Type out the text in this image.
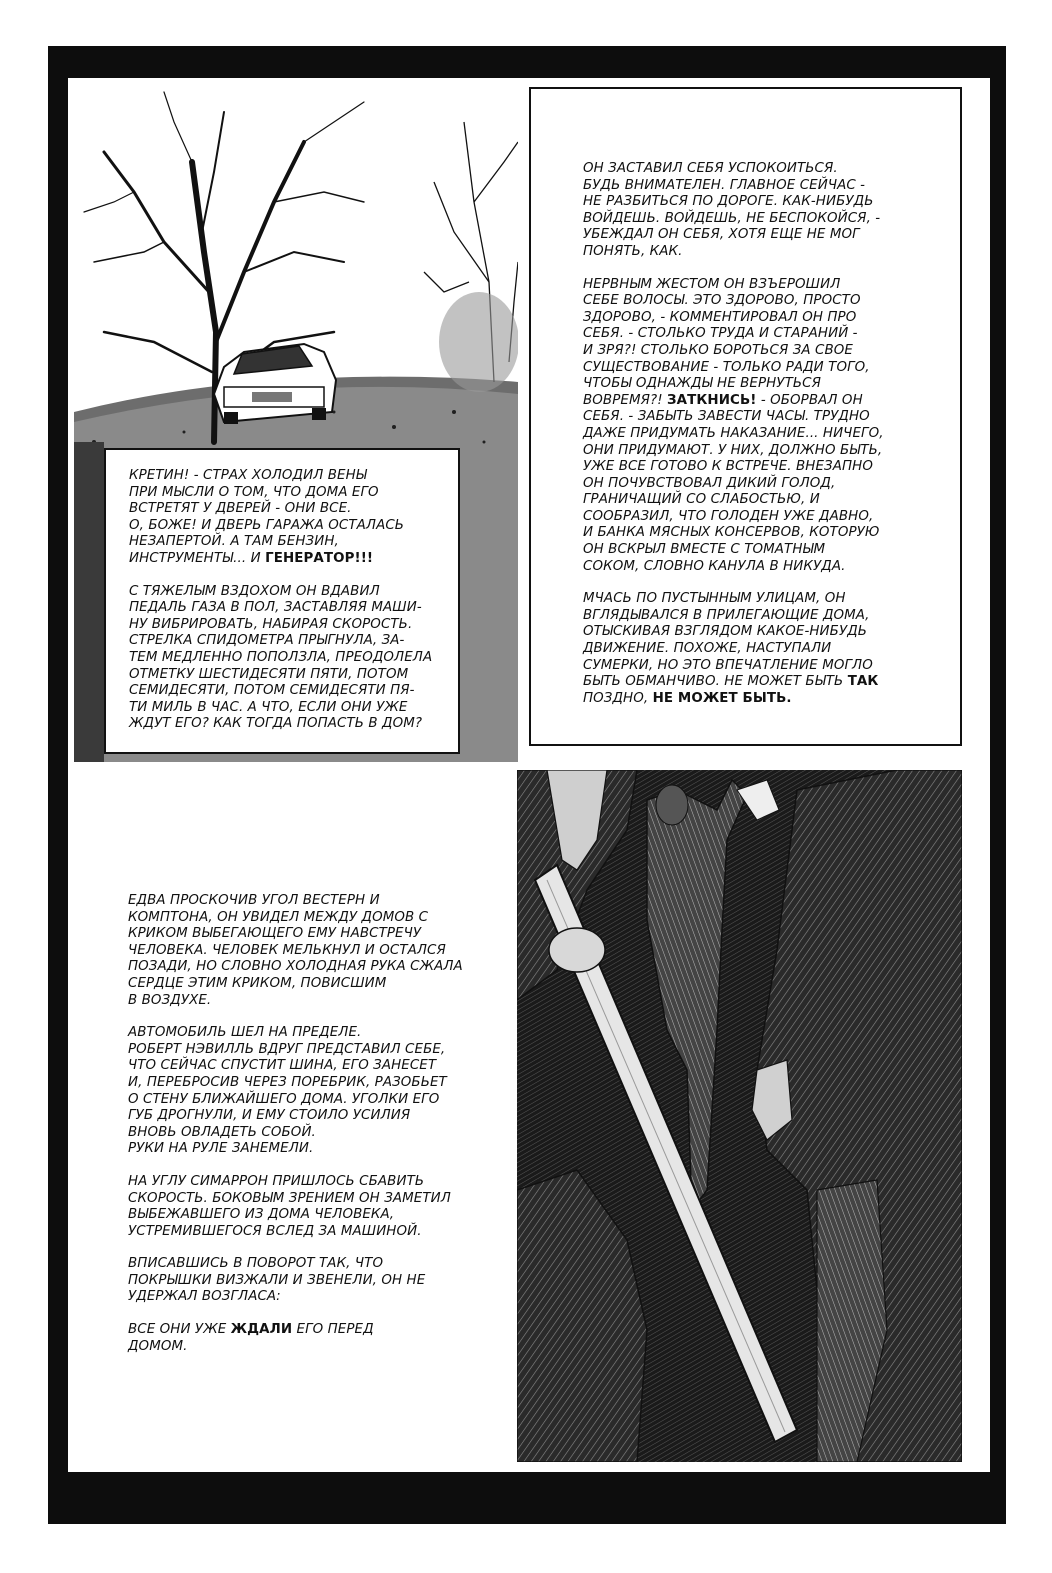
КРЕТИН! - СТРАХ ХОЛОДИЛ ВЕНЫ
ПРИ МЫСЛИ О ТОМ, ЧТО ДОМА ЕГО
ВСТРЕТЯТ У ДВЕРЕЙ - ОНИ ВСЕ.
О, БОЖЕ! И ДВЕРЬ ГАРАЖА ОСТАЛАСЬ
НЕЗАПЕРТОЙ. А ТАМ БЕНЗИН,
ИНСТРУМЕНТЫ... И ГЕНЕРАТОР!!!

С ТЯЖЕЛЫМ ВЗДОХОМ ОН ВДАВИЛ
ПЕДАЛЬ ГАЗА В ПОЛ, ЗАСТАВЛЯЯ МАШИ-
НУ ВИБРИРОВАТЬ, НАБИРАЯ СКОРОСТЬ.
СТРЕЛКА СПИДОМЕТРА ПРЫГНУЛА, ЗА-
ТЕМ МЕДЛЕННО ПОПОЛЗЛА, ПРЕОДОЛЕЛА
ОТМЕТКУ ШЕСТИДЕСЯТИ ПЯТИ, ПОТОМ
СЕМИДЕСЯТИ, ПОТОМ СЕМИДЕСЯТИ ПЯ-
ТИ МИЛЬ В ЧАС. А ЧТО, ЕСЛИ ОНИ УЖЕ
ЖДУТ ЕГО? КАК ТОГДА ПОПАСТЬ В ДОМ?

ОН ЗАСТАВИЛ СЕБЯ УСПОКОИТЬСЯ.
БУДЬ ВНИМАТЕЛЕН. ГЛАВНОЕ СЕЙЧАС -
НЕ РАЗБИТЬСЯ ПО ДОРОГЕ. КАК-НИБУДЬ
ВОЙДЕШЬ. ВОЙДЕШЬ, НЕ БЕСПОКОЙСЯ, -
УБЕЖДАЛ ОН СЕБЯ, ХОТЯ ЕЩЕ НЕ МОГ
ПОНЯТЬ, КАК.

НЕРВНЫМ ЖЕСТОМ ОН ВЗЪЕРОШИЛ
СЕБЕ ВОЛОСЫ. ЭТО ЗДОРОВО, ПРОСТО
ЗДОРОВО, - КОММЕНТИРОВАЛ ОН ПРО
СЕБЯ. - СТОЛЬКО ТРУДА И СТАРАНИЙ -
И ЗРЯ?! СТОЛЬКО БОРОТЬСЯ ЗА СВОЕ
СУЩЕСТВОВАНИЕ - ТОЛЬКО РАДИ ТОГО,
ЧТОБЫ ОДНАЖДЫ НЕ ВЕРНУТЬСЯ
ВОВРЕМЯ?! ЗАТКНИСЬ! - ОБОРВАЛ ОН
СЕБЯ. - ЗАБЫТЬ ЗАВЕСТИ ЧАСЫ. ТРУДНО
ДАЖЕ ПРИДУМАТЬ НАКАЗАНИЕ... НИЧЕГО,
ОНИ ПРИДУМАЮТ. У НИХ, ДОЛЖНО БЫТЬ,
УЖЕ ВСЕ ГОТОВО К ВСТРЕЧЕ. ВНЕЗАПНО
ОН ПОЧУВСТВОВАЛ ДИКИЙ ГОЛОД,
ГРАНИЧАЩИЙ СО СЛАБОСТЬЮ, И
СООБРАЗИЛ, ЧТО ГОЛОДЕН УЖЕ ДАВНО,
И БАНКА МЯСНЫХ КОНСЕРВОВ, КОТОРУЮ
ОН ВСКРЫЛ ВМЕСТЕ С ТОМАТНЫМ
СОКОМ, СЛОВНО КАНУЛА В НИКУДА.

МЧАСЬ ПО ПУСТЫННЫМ УЛИЦАМ, ОН
ВГЛЯДЫВАЛСЯ В ПРИЛЕГАЮЩИЕ ДОМА,
ОТЫСКИВАЯ ВЗГЛЯДОМ КАКОЕ-НИБУДЬ
ДВИЖЕНИЕ. ПОХОЖЕ, НАСТУПАЛИ
СУМЕРКИ, НО ЭТО ВПЕЧАТЛЕНИЕ МОГЛО
БЫТЬ ОБМАНЧИВО. НЕ МОЖЕТ БЫТЬ ТАК
ПОЗДНО, НЕ МОЖЕТ БЫТЬ.

ЕДВА ПРОСКОЧИВ УГОЛ ВЕСТЕРН И
КОМПТОНА, ОН УВИДЕЛ МЕЖДУ ДОМОВ С
КРИКОМ ВЫБЕГАЮЩЕГО ЕМУ НАВСТРЕЧУ
ЧЕЛОВЕКА. ЧЕЛОВЕК МЕЛЬКНУЛ И ОСТАЛСЯ
ПОЗАДИ, НО СЛОВНО ХОЛОДНАЯ РУКА СЖАЛА
СЕРДЦЕ ЭТИМ КРИКОМ, ПОВИСШИМ
В ВОЗДУХЕ.

АВТОМОБИЛЬ ШЕЛ НА ПРЕДЕЛЕ.
РОБЕРТ НЭВИЛЛЬ ВДРУГ ПРЕДСТАВИЛ СЕБЕ,
ЧТО СЕЙЧАС СПУСТИТ ШИНА, ЕГО ЗАНЕСЕТ
И, ПЕРЕБРОСИВ ЧЕРЕЗ ПОРЕБРИК, РАЗОБЬЕТ
О СТЕНУ БЛИЖАЙШЕГО ДОМА. УГОЛКИ ЕГО
ГУБ ДРОГНУЛИ, И ЕМУ СТОИЛО УСИЛИЯ
ВНОВЬ ОВЛАДЕТЬ СОБОЙ.
РУКИ НА РУЛЕ ЗАНЕМЕЛИ.

НА УГЛУ СИМАРРОН ПРИШЛОСЬ СБАВИТЬ
СКОРОСТЬ. БОКОВЫМ ЗРЕНИЕМ ОН ЗАМЕТИЛ
ВЫБЕЖАВШЕГО ИЗ ДОМА ЧЕЛОВЕКА,
УСТРЕМИВШЕГОСЯ ВСЛЕД ЗА МАШИНОЙ.

ВПИСАВШИСЬ В ПОВОРОТ ТАК, ЧТО
ПОКРЫШКИ ВИЗЖАЛИ И ЗВЕНЕЛИ, ОН НЕ
УДЕРЖАЛ ВОЗГЛАСА:

ВСЕ ОНИ УЖЕ ЖДАЛИ ЕГО ПЕРЕД
ДОМОМ.
